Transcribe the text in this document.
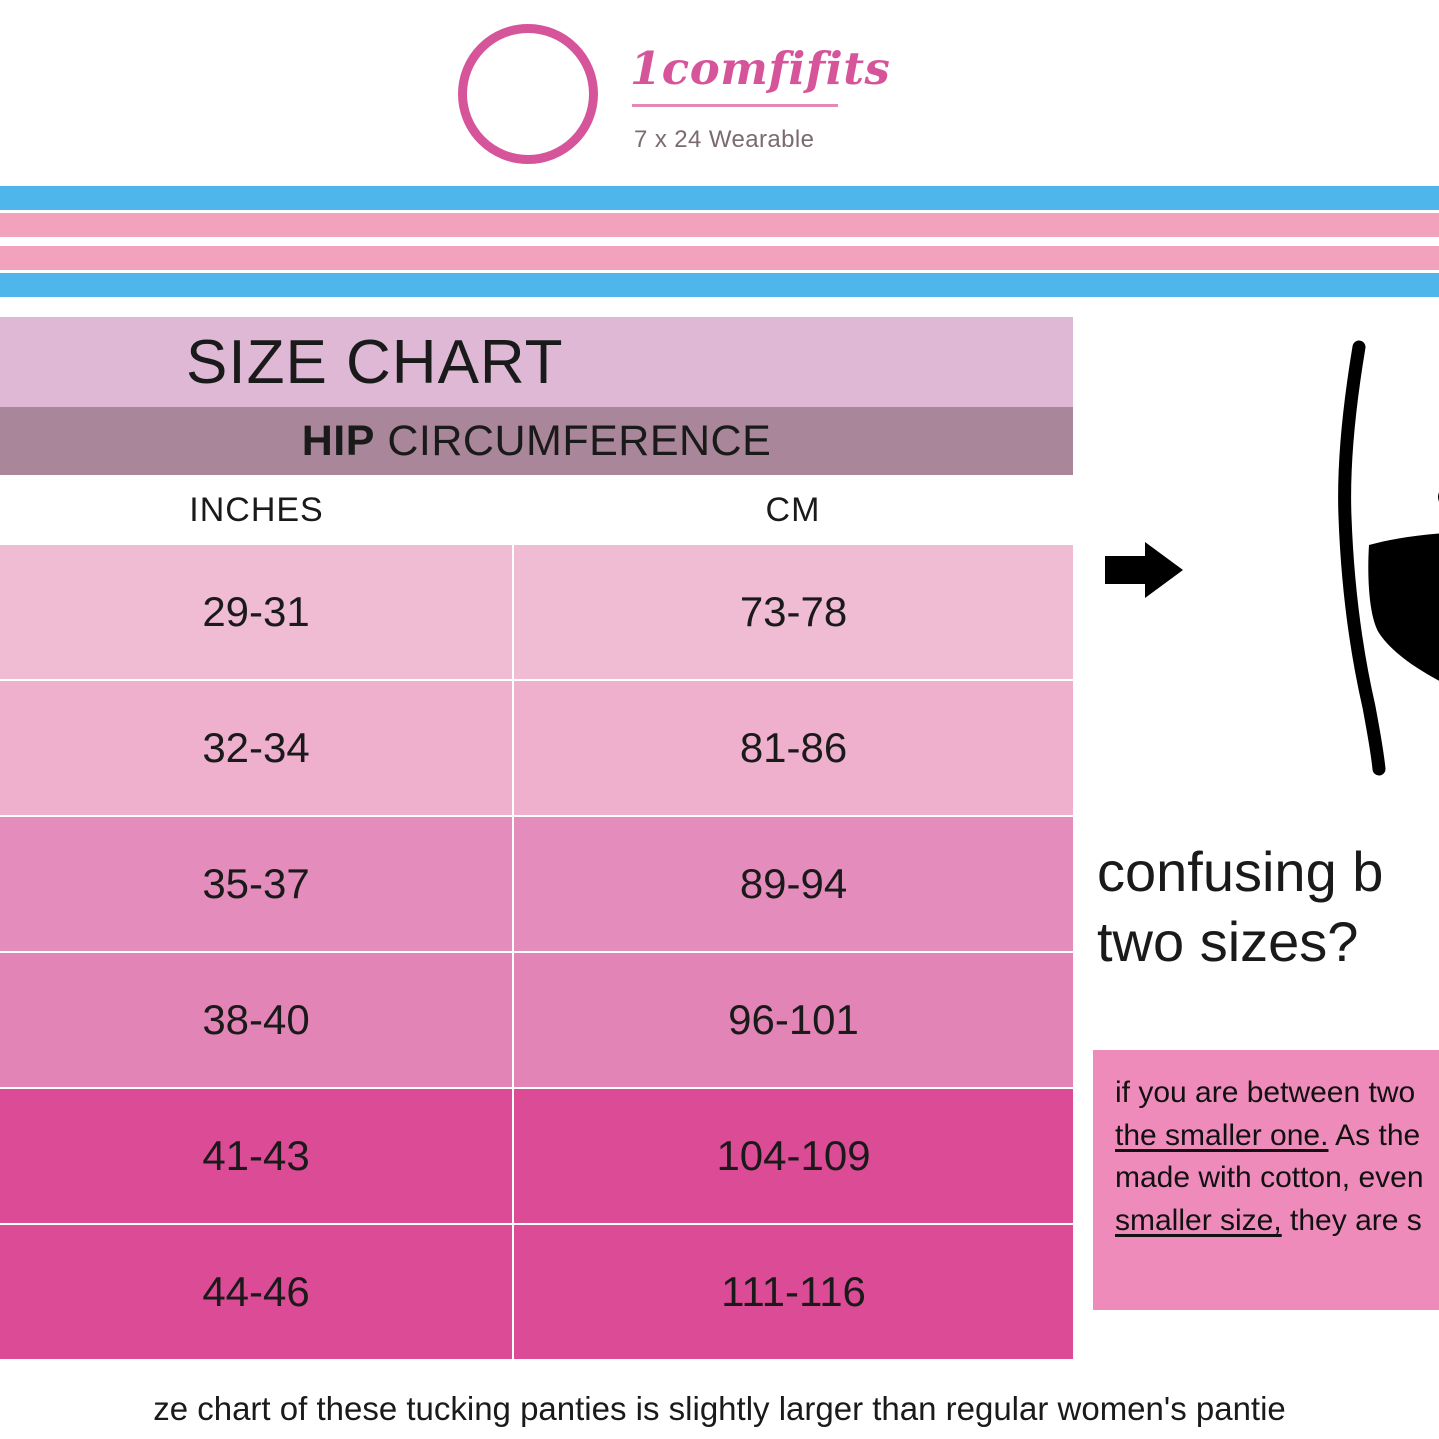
1comfifits
7 x 24 Wearable
SIZE CHART
HIP CIRCUMFERENCE
INCHES	CM
29-31	73-78
32-34	81-86
35-37	89-94
38-40	96-101
41-43	104-109
44-46	111-116
confusing b
two sizes?
if you are between two
the smaller one. As the
made with cotton, even
smaller size, they are s
ze chart of these tucking panties is slightly larger than regular women's pantie
